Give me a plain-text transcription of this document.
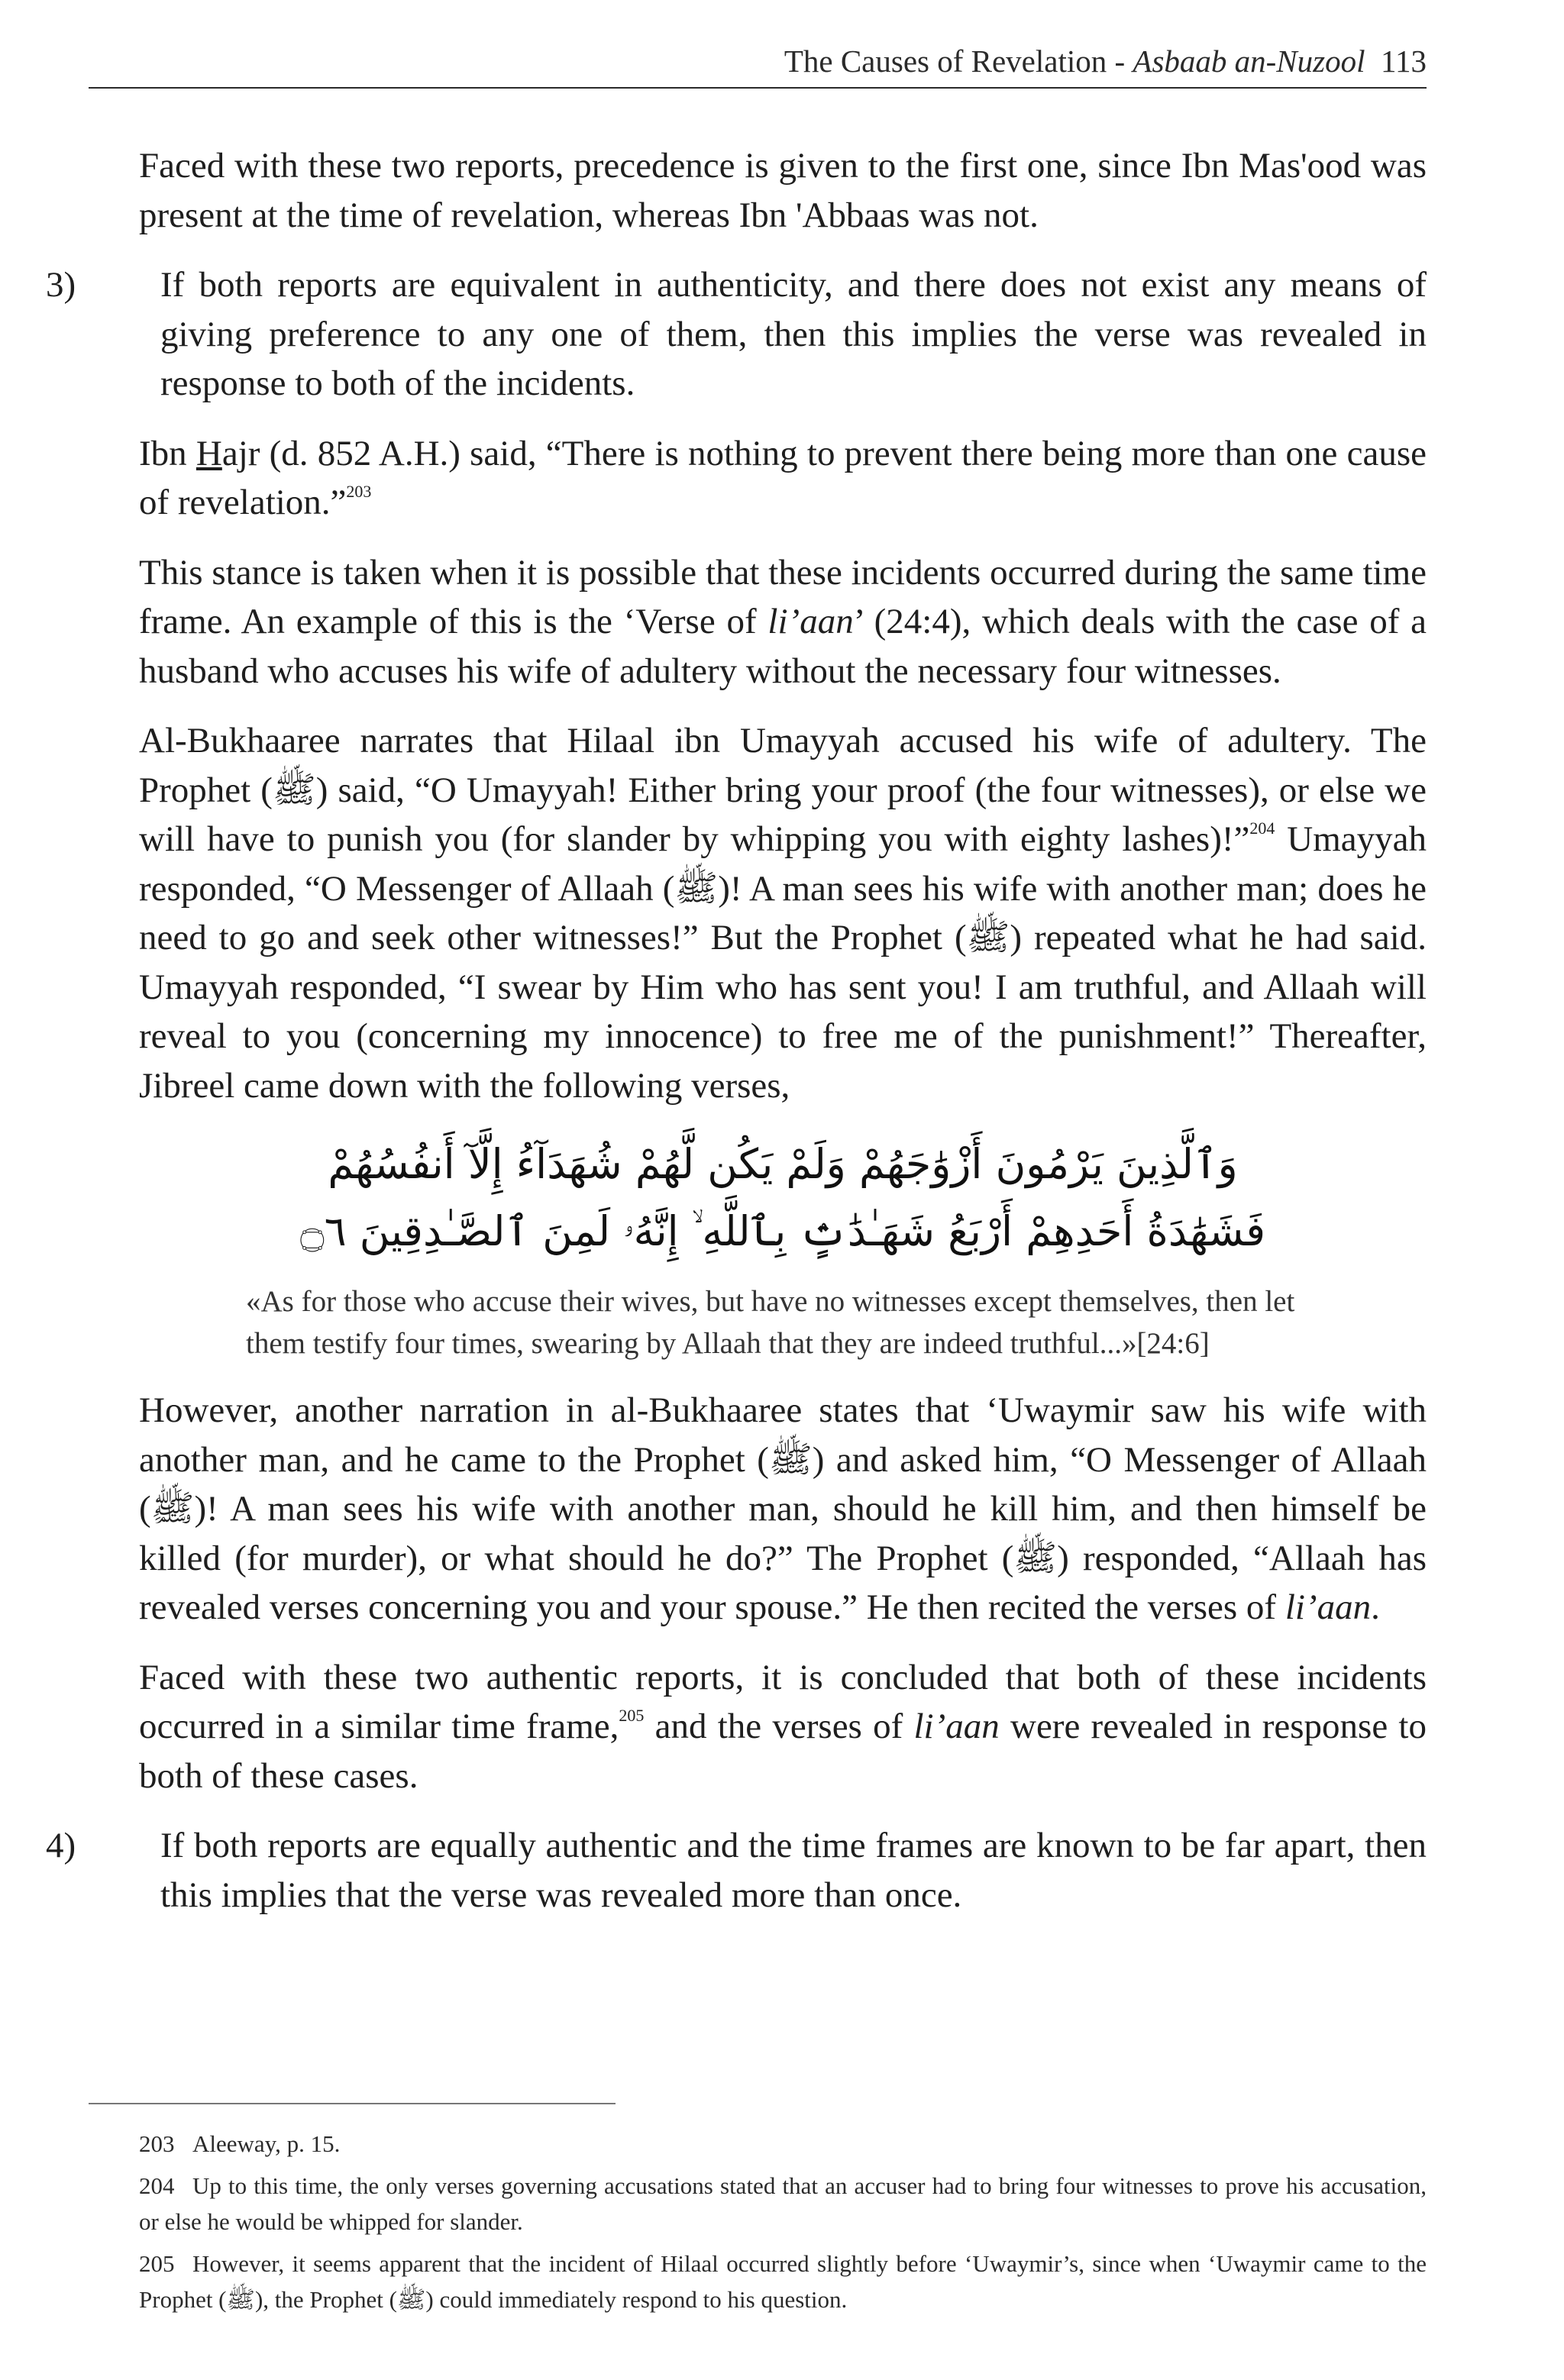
The Causes of Revelation - Asbaab an-Nuzool 113

Faced with these two reports, precedence is given to the first one, since Ibn Mas'ood was present at the time of revelation, whereas Ibn 'Abbaas was not.

3) If both reports are equivalent in authenticity, and there does not exist any means of giving preference to any one of them, then this implies the verse was revealed in response to both of the incidents.

Ibn Hajr (d. 852 A.H.) said, “There is nothing to prevent there being more than one cause of revelation.”$^{203}$

This stance is taken when it is possible that these incidents occurred during the same time frame. An example of this is the ‘Verse of li’aan’ (24:4), which deals with the case of a husband who accuses his wife of adultery without the necessary four witnesses.

Al-Bukhaaree narrates that Hilaal ibn Umayyah accused his wife of adultery. The Prophet (ﷺ) said, “O Umayyah! Either bring your proof (the four witnesses), or else we will have to punish you (for slander by whipping you with eighty lashes)!”$^{204}$ Umayyah responded, “O Messenger of Allaah (ﷺ)! A man sees his wife with another man; does he need to go and seek other witnesses!” But the Prophet (ﷺ) repeated what he had said. Umayyah responded, “I swear by Him who has sent you! I am truthful, and Allaah will reveal to you (concerning my innocence) to free me of the punishment!” Thereafter, Jibreel came down with the following verses,

وَٱلَّذِينَ يَرْمُونَ أَزْوَٰجَهُمْ وَلَمْ يَكُن لَّهُمْ شُهَدَآءُ إِلَّآ أَنفُسُهُمْ
فَشَهَٰدَةُ أَحَدِهِمْ أَرْبَعُ شَهَـٰدَٰتٍۢ بِٱللَّهِ ۙ إِنَّهُۥ لَمِنَ ٱلصَّـٰدِقِينَ ۝٦
«As for those who accuse their wives, but have no witnesses except themselves, then let them testify four times, swearing by Allaah that they are indeed truthful...»[24:6]

However, another narration in al-Bukhaaree states that ‘Uwaymir saw his wife with another man, and he came to the Prophet (ﷺ) and asked him, “O Messenger of Allaah (ﷺ)! A man sees his wife with another man, should he kill him, and then himself be killed (for murder), or what should he do?” The Prophet (ﷺ) responded, “Allaah has revealed verses concerning you and your spouse.” He then recited the verses of li’aan.

Faced with these two authentic reports, it is concluded that both of these incidents occurred in a similar time frame,$^{205}$ and the verses of li’aan were revealed in response to both of these cases.

4) If both reports are equally authentic and the time frames are known to be far apart, then this implies that the verse was revealed more than once.

203 Aleeway, p. 15.

204 Up to this time, the only verses governing accusations stated that an accuser had to bring four witnesses to prove his accusation, or else he would be whipped for slander.

205 However, it seems apparent that the incident of Hilaal occurred slightly before ‘Uwaymir’s, since when ‘Uwaymir came to the Prophet (ﷺ), the Prophet (ﷺ) could immediately respond to his question.
